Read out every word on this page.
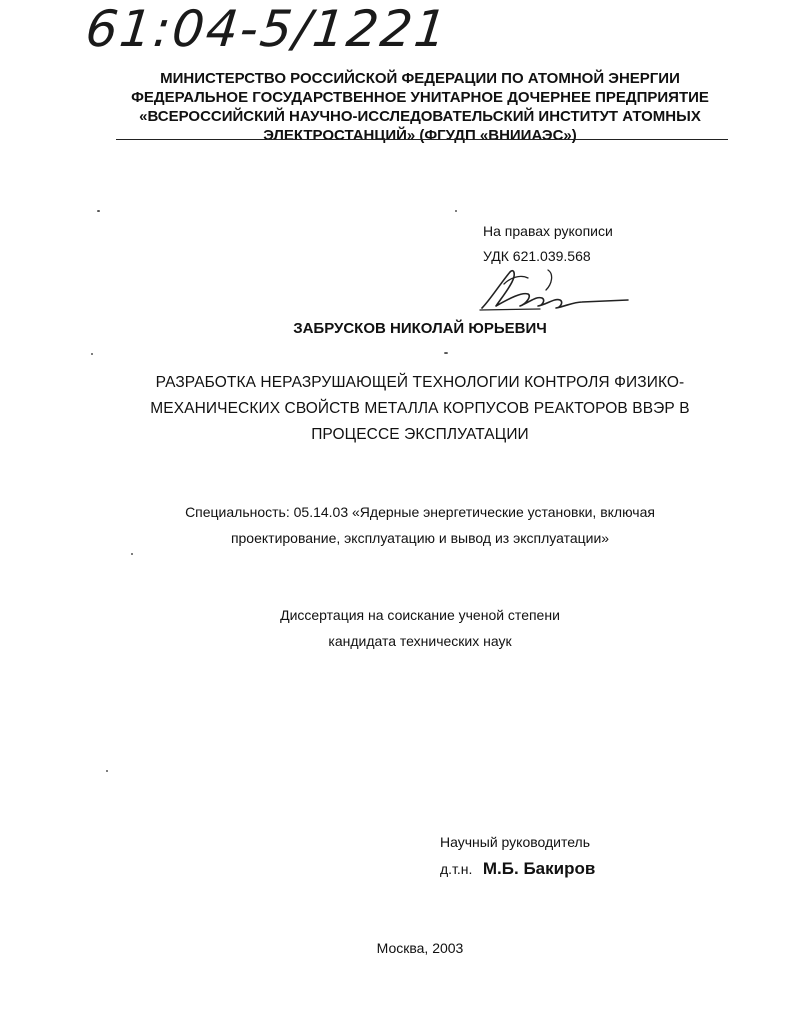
61:04-5/1221
МИНИСТЕРСТВО РОССИЙСКОЙ ФЕДЕРАЦИИ ПО АТОМНОЙ ЭНЕРГИИ
ФЕДЕРАЛЬНОЕ ГОСУДАРСТВЕННОЕ УНИТАРНОЕ ДОЧЕРНЕЕ ПРЕДПРИЯТИЕ
«ВСЕРОССИЙСКИЙ НАУЧНО-ИССЛЕДОВАТЕЛЬСКИЙ ИНСТИТУТ АТОМНЫХ
ЭЛЕКТРОСТАНЦИЙ» (ФГУДП «ВНИИАЭС»)
На правах рукописи
УДК 621.039.568
ЗАБРУСКОВ НИКОЛАЙ ЮРЬЕВИЧ
РАЗРАБОТКА НЕРАЗРУШАЮЩЕЙ ТЕХНОЛОГИИ КОНТРОЛЯ ФИЗИКО-
МЕХАНИЧЕСКИХ СВОЙСТВ МЕТАЛЛА КОРПУСОВ РЕАКТОРОВ ВВЭР В
ПРОЦЕССЕ ЭКСПЛУАТАЦИИ
Специальность: 05.14.03 «Ядерные энергетические установки, включая
проектирование, эксплуатацию и вывод из эксплуатации»
Диссертация на соискание ученой степени
кандидата технических наук
Научный руководитель
д.т.н. М.Б. Бакиров
Москва, 2003
